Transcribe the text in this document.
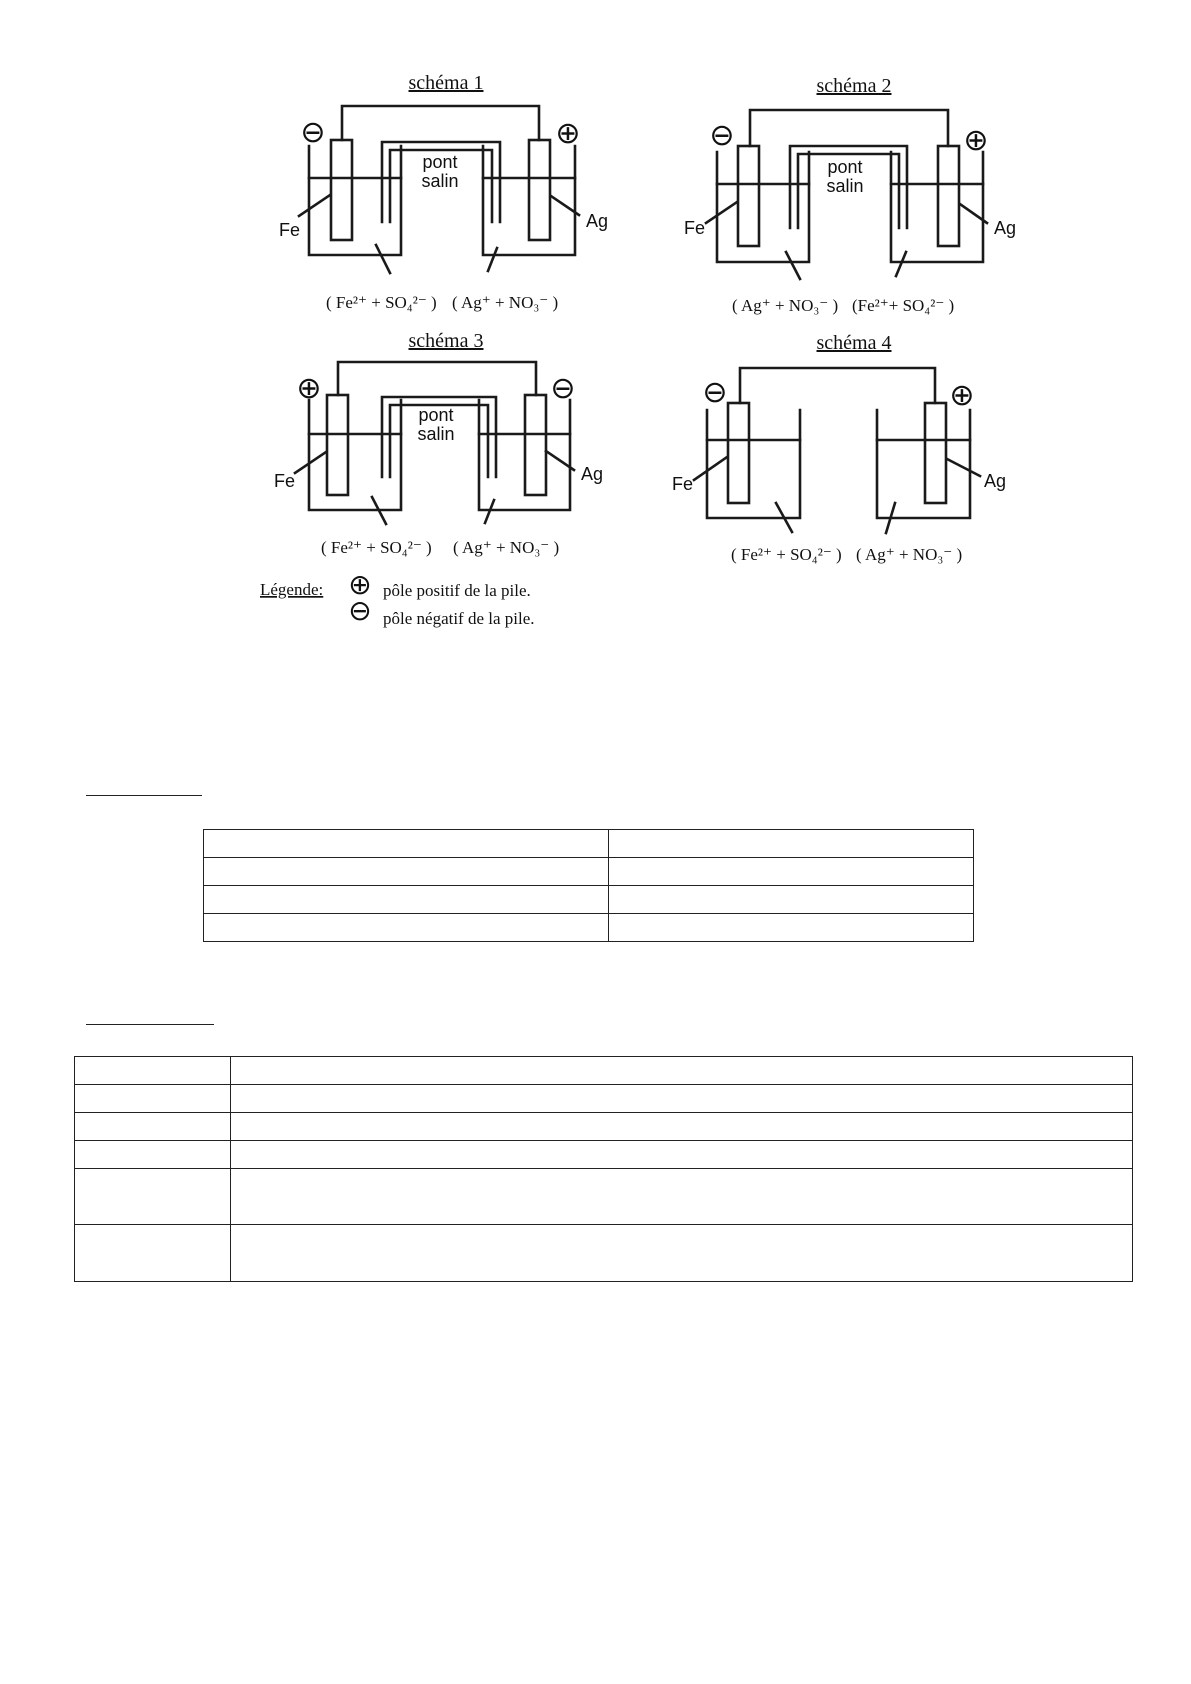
schéma 1
⊖	⊕
pont
salin
Fe	Ag
( Fe²⁺ + SO₄²⁻ ) ( Ag⁺ + NO₃⁻ )
schéma 2
⊖	⊕
pont
salin
Fe	Ag
( Ag⁺ + NO₃⁻ ) (Fe²⁺+ SO₄²⁻ )
schéma 3
⊕	⊖
pont
salin
Fe	Ag
( Fe²⁺ + SO₄²⁻ ) ( Ag⁺ + NO₃⁻ )
schéma 4
⊖	⊕
Fe	Ag
( Fe²⁺ + SO₄²⁻ ) ( Ag⁺ + NO₃⁻ )
Légende: ⊕ pôle positif de la pile.
⊖ pôle négatif de la pile.
